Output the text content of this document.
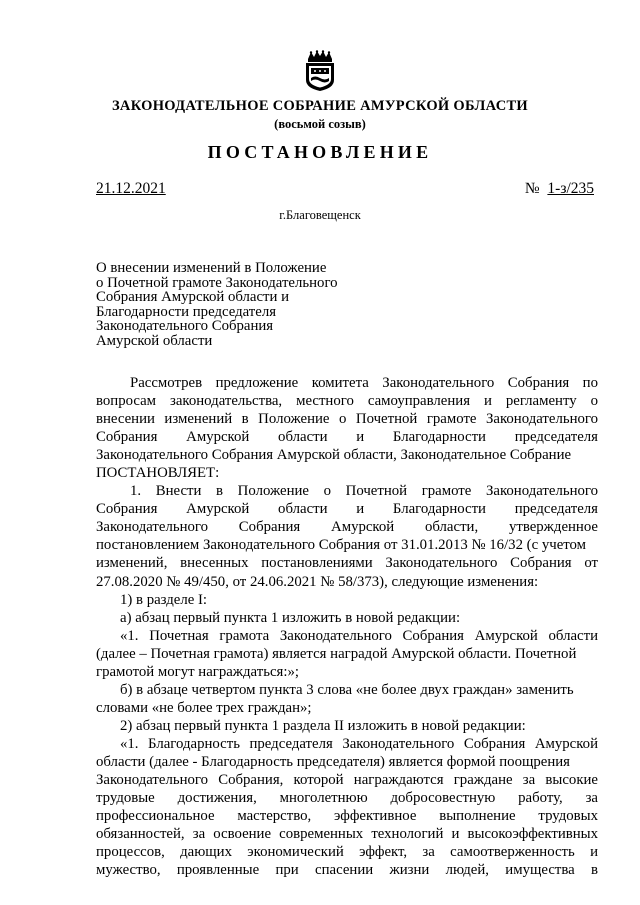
ЗАКОНОДАТЕЛЬНОЕ СОБРАНИЕ АМУРСКОЙ ОБЛАСТИ
(восьмой созыв)
ПОСТАНОВЛЕНИЕ
21.12.2021	№ 1-з/235
г.Благовещенск
О внесении изменений в Положение
о Почетной грамоте Законодательного
Собрания Амурской области и
Благодарности председателя
Законодательного Собрания
Амурской области
Рассмотрев предложение комитета Законодательного Собрания по
вопросам законодательства, местного самоуправления и регламенту о
внесении изменений в Положение о Почетной грамоте Законодательного
Собрания Амурской области и Благодарности председателя
Законодательного Собрания Амурской области, Законодательное Собрание
ПОСТАНОВЛЯЕТ:
1. Внести в Положение о Почетной грамоте Законодательного
Собрания Амурской области и Благодарности председателя
Законодательного Собрания Амурской области, утвержденное
постановлением Законодательного Собрания от 31.01.2013 № 16/32 (с учетом
изменений, внесенных постановлениями Законодательного Собрания от
27.08.2020 № 49/450, от 24.06.2021 № 58/373), следующие изменения:
1) в разделе I:
а) абзац первый пункта 1 изложить в новой редакции:
«1. Почетная грамота Законодательного Собрания Амурской области
(далее – Почетная грамота) является наградой Амурской области. Почетной
грамотой могут награждаться:»;
б) в абзаце четвертом пункта 3 слова «не более двух граждан» заменить
словами «не более трех граждан»;
2) абзац первый пункта 1 раздела II изложить в новой редакции:
«1. Благодарность председателя Законодательного Собрания Амурской
области (далее - Благодарность председателя) является формой поощрения
Законодательного Собрания, которой награждаются граждане за высокие
трудовые достижения, многолетнюю добросовестную работу, за
профессиональное мастерство, эффективное выполнение трудовых
обязанностей, за освоение современных технологий и высокоэффективных
процессов, дающих экономический эффект, за самоотверженность и
мужество, проявленные при спасении жизни людей, имущества в
